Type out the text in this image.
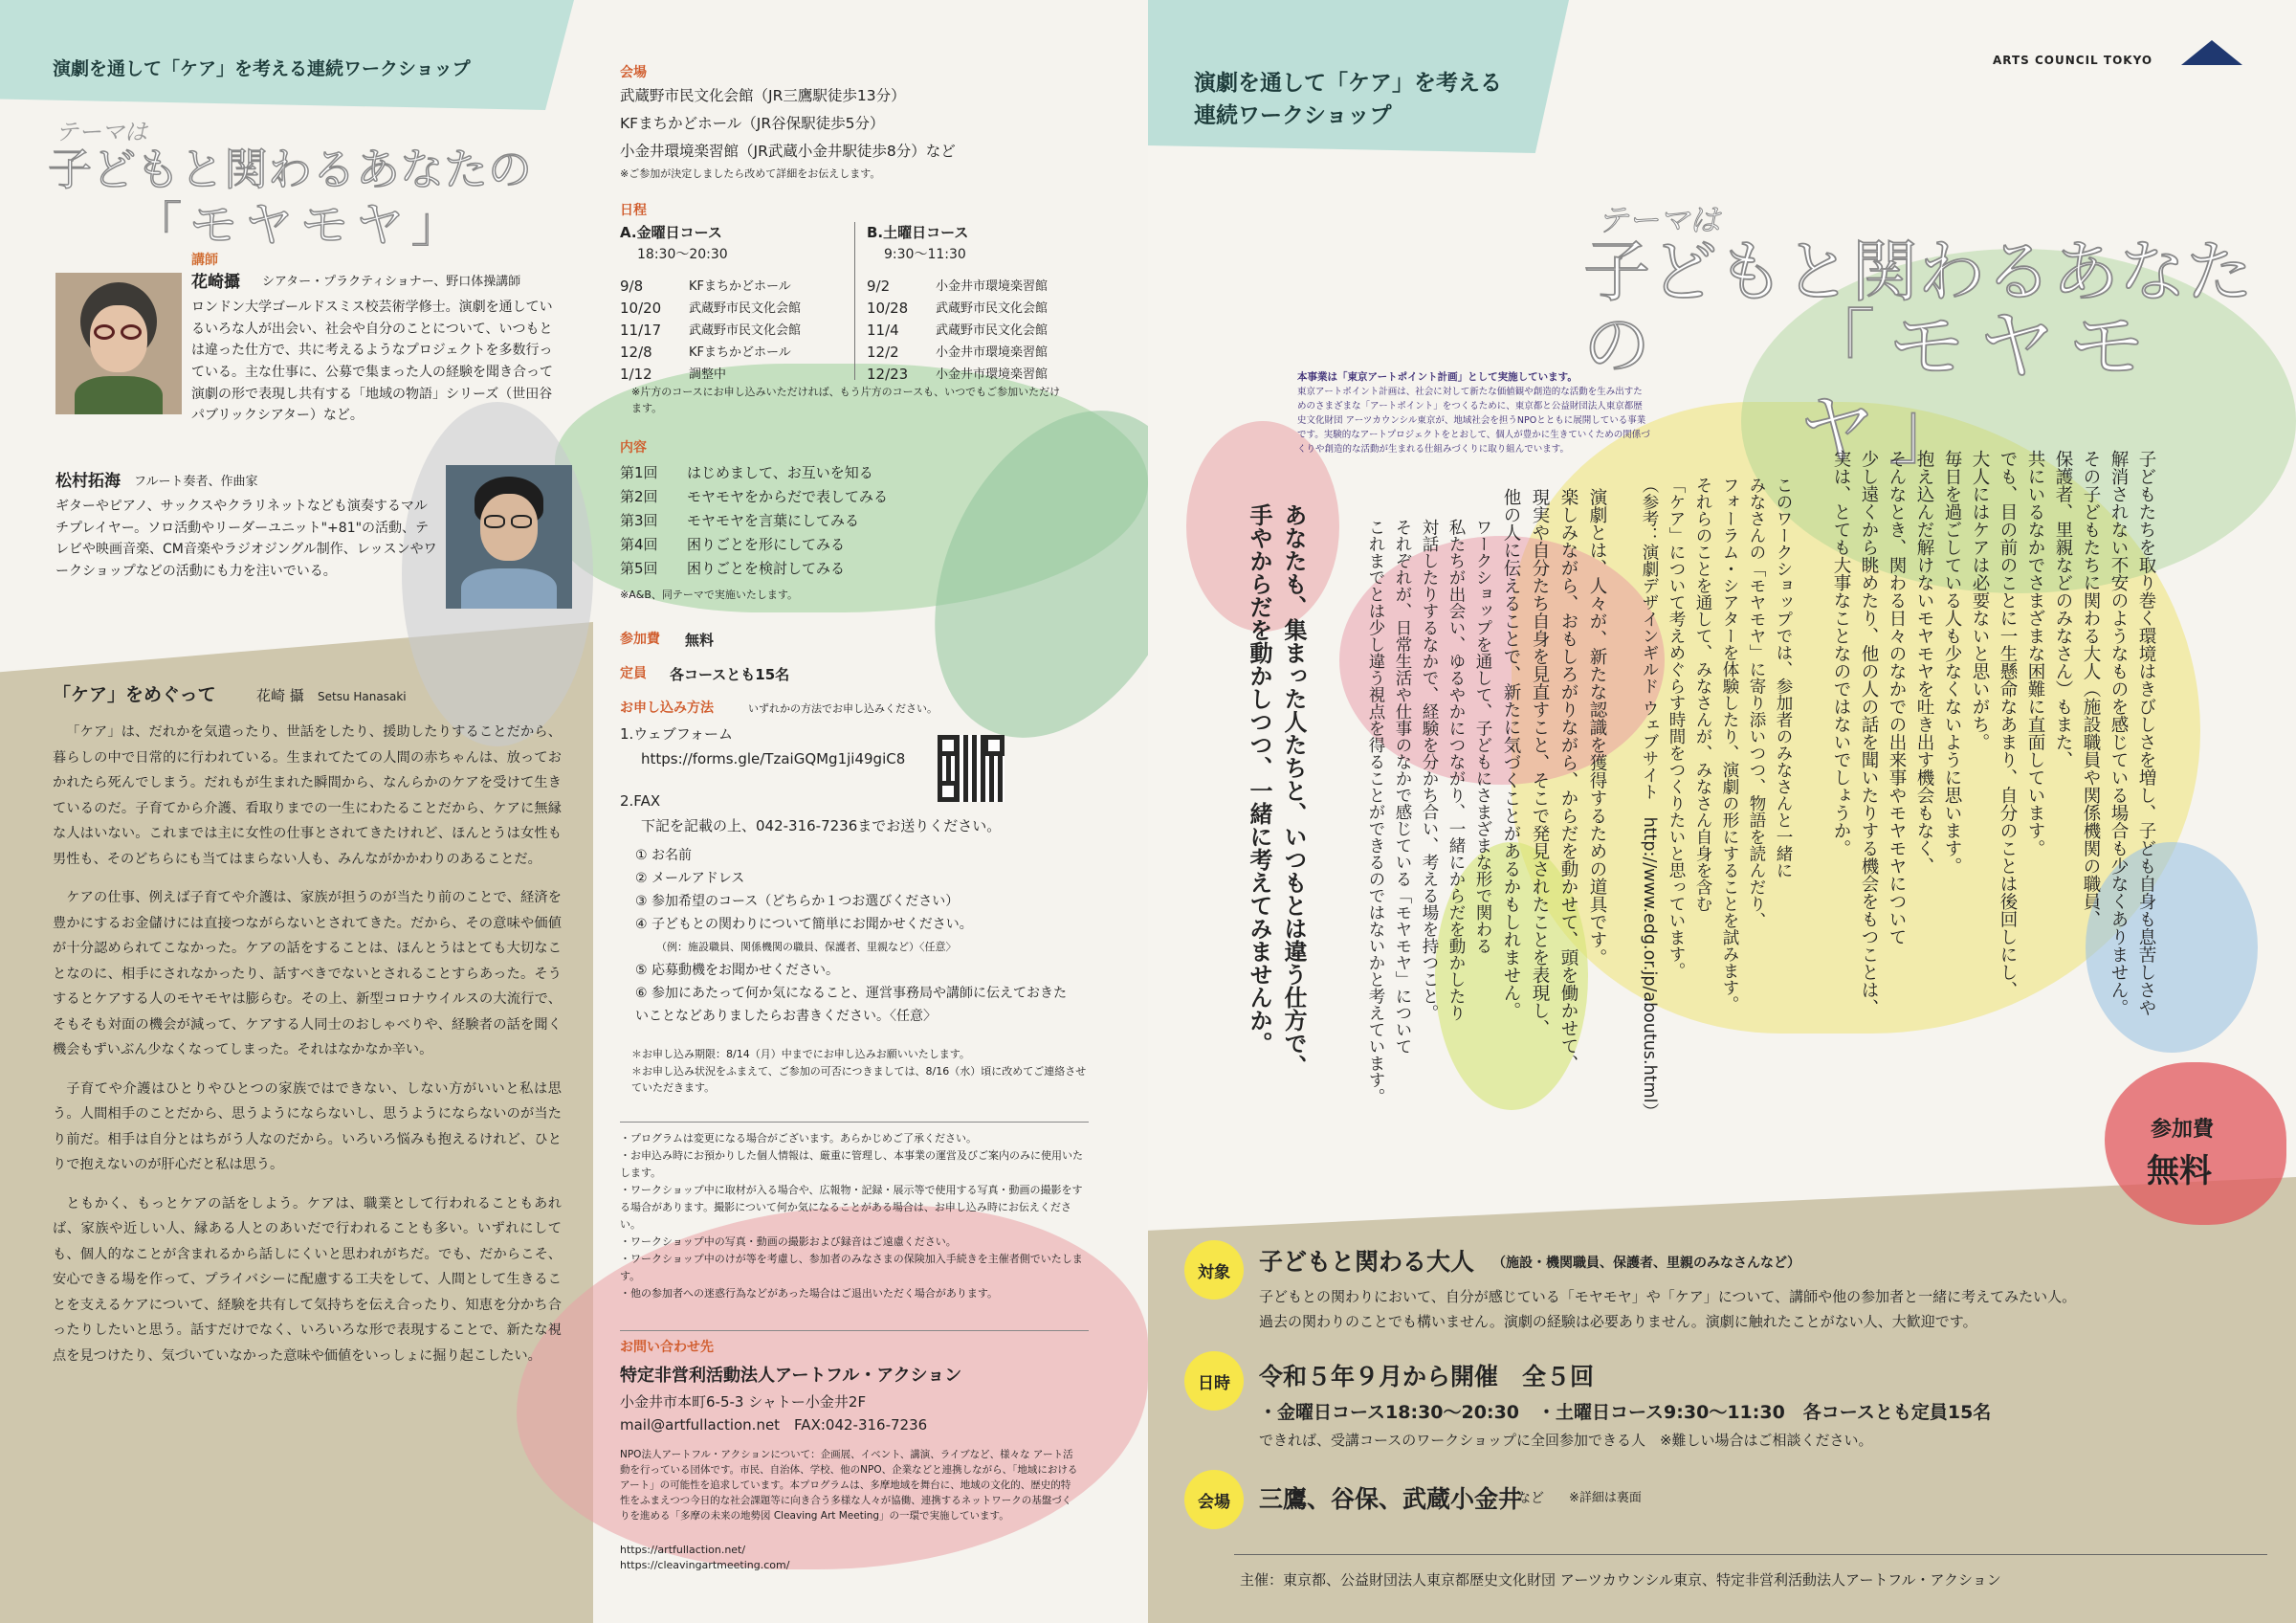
演劇を通して「ケア」を考える連続ワークショップ
テーマは
子どもと関わるあなたの
「モヤモヤ」
講師
花崎攝 シアター・プラクティショナー、野口体操講師
ロンドン大学ゴールドスミス校芸術学修士。演劇を通しているいろな人が出会い、社会や自分のことについて、いつもとは違った仕方で、共に考えるようなプロジェクトを多数行っている。主な仕事に、公募で集まった人の経験を聞き合って演劇の形で表現し共有する「地域の物語」シリーズ（世田谷パブリックシアター）など。
松村拓海 フルート奏者、作曲家
ギターやピアノ、サックスやクラリネットなども演奏するマルチプレイヤー。ソロ活動やリーダーユニット"+81"の活動、テレビや映画音楽、CM音楽やラジオジングル制作、レッスンやワークショップなどの活動にも力を注いでいる。
「ケア」をめぐって	花崎 攝 Setsu Hanasaki

「ケア」は、だれかを気遣ったり、世話をしたり、援助したりすることだから、暮らしの中で日常的に行われている。生まれてたての人間の赤ちゃんは、放っておかれたら死んでしまう。だれもが生まれた瞬間から、なんらかのケアを受けて生きているのだ。子育てから介護、看取りまでの一生にわたることだから、ケアに無縁な人はいない。これまでは主に女性の仕事とされてきたけれど、ほんとうは女性も男性も、そのどちらにも当てはまらない人も、みんながかかわりのあることだ。

ケアの仕事、例えば子育てや介護は、家族が担うのが当たり前のことで、経済を豊かにするお金儲けには直接つながらないとされてきた。だから、その意味や価値が十分認められてこなかった。ケアの話をすることは、ほんとうはとても大切なことなのに、相手にされなかったり、話すべきでないとされることすらあった。そうするとケアする人のモヤモヤは膨らむ。その上、新型コロナウイルスの大流行で、そもそも対面の機会が減って、ケアする人同士のおしゃべりや、経験者の話を聞く機会もずいぶん少なくなってしまった。それはなかなか辛い。

子育てや介護はひとりやひとつの家族ではできない、しない方がいいと私は思う。人間相手のことだから、思うようにならないし、思うようにならないのが当たり前だ。相手は自分とはちがう人なのだから。いろいろ悩みも抱えるけれど、ひとりで抱えないのが肝心だと私は思う。

ともかく、もっとケアの話をしよう。ケアは、職業として行われることもあれば、家族や近しい人、縁ある人とのあいだで行われることも多い。いずれにしても、個人的なことが含まれるから話しにくいと思われがちだ。でも、だからこそ、安心できる場を作って、プライバシーに配慮する工夫をして、人間として生きることを支えるケアについて、経験を共有して気持ちを伝え合ったり、知恵を分かち合ったりしたいと思う。話すだけでなく、いろいろな形で表現することで、新たな視点を見つけたり、気づいていなかった意味や価値をいっしょに掘り起こしたい。

会場
武蔵野市民文化会館（JR三鷹駅徒歩13分）
KFまちかどホール（JR谷保駅徒歩5分）
小金井環境楽習館（JR武蔵小金井駅徒歩8分）など
※ご参加が決定しましたら改めて詳細をお伝えします。
日程
A.金曜日コース
18:30〜20:30
9/8	KFまちかどホール
10/20	武蔵野市民文化会館
11/17	武蔵野市民文化会館
12/8	KFまちかどホール
1/12	調整中
B.土曜日コース
9:30〜11:30
9/2	小金井市環境楽習館
10/28	武蔵野市民文化会館
11/4	武蔵野市民文化会館
12/2	小金井市環境楽習館
12/23	小金井市環境楽習館
※片方のコースにお申し込みいただければ、もう片方のコースも、いつでもご参加いただけます。
内容
第1回	はじめまして、お互いを知る
第2回	モヤモヤをからだで表してみる
第3回	モヤモヤを言葉にしてみる
第4回	困りごとを形にしてみる
第5回	困りごとを検討してみる
※A&B、同テーマで実施いたします。
参加費 無料
定員 各コースとも15名
お申し込み方法	いずれかの方法でお申し込みください。
1.ウェブフォーム
https://forms.gle/TzaiGQMg1ji49giC8
2.FAX
下記を記載の上、042-316-7236までお送りください。
① お名前
② メールアドレス
③ 参加希望のコース（どちらか１つお選びください）
④ 子どもとの関わりについて簡単にお聞かせください。
（例：施設職員、関係機関の職員、保護者、里親など）〈任意〉
⑤ 応募動機をお聞かせください。
⑥ 参加にあたって何か気になること、運営事務局や講師に伝えておきたいことなどありましたらお書きください。〈任意〉
＊お申し込み期限：8/14（月）中までにお申し込みお願いいたします。
＊お申し込み状況をふまえて、ご参加の可否につきましては、8/16（水）頃に改めてご連絡させていただきます。
・プログラムは変更になる場合がございます。あらかじめご了承ください。
・お申込み時にお預かりした個人情報は、厳重に管理し、本事業の運営及びご案内のみに使用いたします。
・ワークショップ中に取材が入る場合や、広報物・記録・展示等で使用する写真・動画の撮影をする場合があります。撮影について何か気になることがある場合は、お申し込み時にお伝えください。
・ワークショップ中の写真・動画の撮影および録音はご遠慮ください。
・ワークショップ中のけが等を考慮し、参加者のみなさまの保険加入手続きを主催者側でいたします。
・他の参加者への迷惑行為などがあった場合はご退出いただく場合があります。
お問い合わせ先
特定非営利活動法人アートフル・アクション
小金井市本町6-5-3 シャトー小金井2F
mail@artfullaction.net　FAX:042-316-7236
NPO法人アートフル・アクションについて：企画展、イベント、講演、ライブなど、様々な アート活動を行っている団体です。市民、自治体、学校、他のNPO、企業などと連携しながら、「地域におけるアート」の可能性を追求しています。本プログラムは、多摩地域を舞台に、地域の文化的、歴史的特性をふまえつつ今日的な社会課題等に向き合う多様な人々が協働、連携するネットワークの基盤づくりを進める「多摩の未来の地勢図 Cleaving Art Meeting」の一環で実施しています。
https://artfullaction.net/
https://cleavingartmeeting.com/
ARTS COUNCIL TOKYO
演劇を通して「ケア」を考える
連続ワークショップ
テーマは
子どもと関わるあなたの	「モヤモヤ」
本事業は「東京アートポイント計画」として実施しています。
東京アートポイント計画は、社会に対して新たな価値観や創造的な活動を生み出すためのさまざまな「アートポイント」をつくるために、東京都と公益財団法人東京都歴史文化財団 アーツカウンシル東京が、地域社会を担うNPOとともに展開している事業です。実験的なアートプロジェクトをとおして、個人が豊かに生きていくための関係づくりや創造的な活動が生まれる仕組みづくりに取り組んでいます。
子どもたちを取り巻く環境はきびしさを増し、子ども自身も息苦しさや
解消されない不安のようなものを感じている場合も少なくありません。
その子どもたちに関わる大人（施設職員や関係機関の職員、
保護者、里親などのみなさん）もまた、
共にいるなかでさまざまな困難に直面しています。
でも、目の前のことに一生懸命なあまり、自分のことは後回しにし、
大人にはケアは必要ないと思いがち。
毎日を過ごしている人も少なくないように思います。
抱え込んだ解けないモヤモヤを吐き出す機会もなく、
そんなとき、関わる日々のなかでの出来事やモヤモヤについて
少し遠くから眺めたり、他の人の話を聞いたりする機会をもつことは、
実は、とても大事なことなのではないでしょうか。
このワークショップでは、参加者のみなさんと一緒に
みなさんの「モヤモヤ」に寄り添いつつ、物語を読んだり、
フォーラム・シアターを体験したり、演劇の形にすることを試みます。
それらのことを通して、みなさんが、みなさん自身を含む
「ケア」について考えめぐらす時間をつくりたいと思っています。
（参考：演劇デザインギルド ウェブサイト　http://www.edg.or.jp/aboutus.html）
演劇とは、人々が、新たな認識を獲得するための道具です。
楽しみながら、おもしろがりながら、からだを動かせて、頭を働かせて、
現実や自分たち自身を見直すこと、そこで発見されたことを表現し、
他の人に伝えることで、新たに気づくことがあるかもしれません。
ワークショップを通して、子どもにさまざまな形で関わる
私たちが出会い、ゆるやかにつながり、一緒にからだを動かしたり
対話したりするなかで、経験を分かち合い、考える場を持つこと。
それぞれが、日常生活や仕事のなかで感じている「モヤモヤ」について
これまでとは少し違う視点を得ることができるのではないかと考えています。
あなたも、集まった人たちと、いつもとは違う仕方で、
手やからだを動かしつつ、一緒に考えてみませんか。
参加費
無料
対象 子どもと関わる大人 （施設・機関職員、保護者、里親のみなさんなど）
子どもとの関わりにおいて、自分が感じている「モヤモヤ」や「ケア」について、講師や他の参加者と一緒に考えてみたい人。
過去の関わりのことでも構いません。演劇の経験は必要ありません。演劇に触れたことがない人、大歓迎です。
日時 令和５年９月から開催　全５回
・金曜日コース18:30〜20:30　・土曜日コース9:30〜11:30　各コースとも定員15名
できれば、受講コースのワークショップに全回参加できる人　※難しい場合はご相談ください。
会場 三鷹、谷保、武蔵小金井
など ※詳細は裏面
主催：東京都、公益財団法人東京都歴史文化財団 アーツカウンシル東京、特定非営利活動法人アートフル・アクション
